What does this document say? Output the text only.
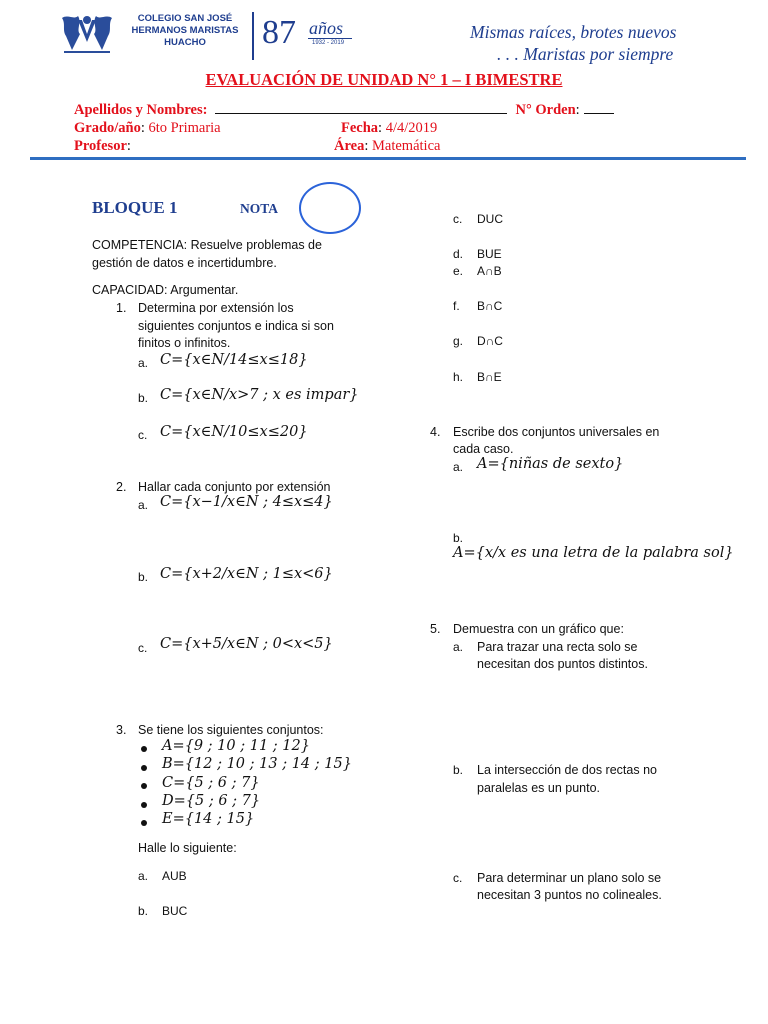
COLEGIO SAN JOSÉ
HERMANOS MARISTAS
HUACHO	87 años
1932 - 2019
Mismas raíces, brotes nuevos
. . . Maristas por siempre
EVALUACIÓN DE UNIDAD N° 1 – I BIMESTRE
Apellidos y Nombres:	N° Orden:
Grado/año: 6to Primaria	Fecha: 4/4/2019
Profesor:	Área: Matemática
BLOQUE 1	NOTA
COMPETENCIA: Resuelve problemas de
gestión de datos e incertidumbre.
CAPACIDAD: Argumentar.
1. Determina por extensión los
siguientes conjuntos e indica si son
finitos o infinitos.
a. C={x∈N/14≤x≤18}
b. C={x∈N/x>7 ; x es impar}
c. C={x∈N/10≤x≤20}
2. Hallar cada conjunto por extensión
a. C={x−1/x∈N ; 4≤x≤4}
b. C={x+2/x∈N ; 1≤x<6}
c. C={x+5/x∈N ; 0<x<5}
3. Se tiene los siguientes conjuntos:
A={9 ; 10 ; 11 ; 12}
B={12 ; 10 ; 13 ; 14 ; 15}
C={5 ; 6 ; 7}
D={5 ; 6 ; 7}
E={14 ; 15}
Halle lo siguiente:
a. AUB
b. BUC
c. DUC
d. BUE
e. A∩B
f. B∩C
g. D∩C
h. B∩E
4. Escribe dos conjuntos universales en
cada caso.
a. A={niñas de sexto}
b.
A={x/x es una letra de la palabra sol}
5. Demuestra con un gráfico que:
a. Para trazar una recta solo se
necesitan dos puntos distintos.
b. La intersección de dos rectas no
paralelas es un punto.
c. Para determinar un plano solo se
necesitan 3 puntos no colineales.
